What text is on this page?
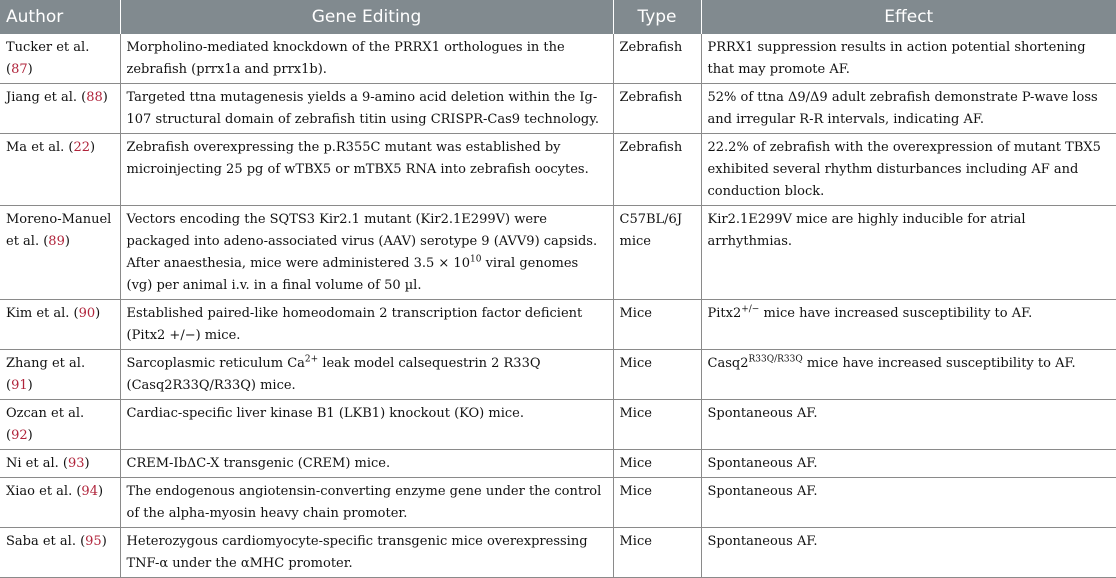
Author	Gene Editing	Type	Effect
Tucker et al. (87)	Morpholino-mediated knockdown of the PRRX1 orthologues in the zebrafish (prrx1a and prrx1b).	Zebrafish	PRRX1 suppression results in action potential shortening that may promote AF.
Jiang et al. (88)	Targeted ttna mutagenesis yields a 9-amino acid deletion within the Ig-107 structural domain of zebrafish titin using CRISPR-Cas9 technology.	Zebrafish	52% of ttna Δ9/Δ9 adult zebrafish demonstrate P-wave loss and irregular R-R intervals, indicating AF.
Ma et al. (22)	Zebrafish overexpressing the p.R355C mutant was established by microinjecting 25 pg of wTBX5 or mTBX5 RNA into zebrafish oocytes.	Zebrafish	22.2% of zebrafish with the overexpression of mutant TBX5 exhibited several rhythm disturbances including AF and conduction block.
Moreno-Manuel et al. (89)	Vectors encoding the SQTS3 Kir2.1 mutant (Kir2.1E299V) were packaged into adeno-associated virus (AAV) serotype 9 (AVV9) capsids. After anaesthesia, mice were administered $3.5 \times 10^{10}$ viral genomes (vg) per animal i.v. in a final volume of 50 µl.	C57BL/6J mice	Kir2.1E299V mice are highly inducible for atrial arrhythmias.
Kim et al. (90)	Established paired-like homeodomain 2 transcription factor deficient (Pitx2 +/−) mice.	Mice	Pitx2+/− mice have increased susceptibility to AF.
Zhang et al. (91)	Sarcoplasmic reticulum $Ca^{2+}$ leak model calsequestrin 2 R33Q (Casq2R33Q/R33Q) mice.	Mice	$Casq2^{R33Q/R33Q}$ mice have increased susceptibility to AF.
Ozcan et al. (92)	Cardiac-specific liver kinase B1 (LKB1) knockout (KO) mice.	Mice	Spontaneous AF.
Ni et al. (93)	CREM-IbΔC-X transgenic (CREM) mice.	Mice	Spontaneous AF.
Xiao et al. (94)	The endogenous angiotensin-converting enzyme gene under the control of the alpha-myosin heavy chain promoter.	Mice	Spontaneous AF.
Saba et al. (95)	Heterozygous cardiomyocyte-specific transgenic mice overexpressing TNF-α under the αMHC promoter.	Mice	Spontaneous AF.
